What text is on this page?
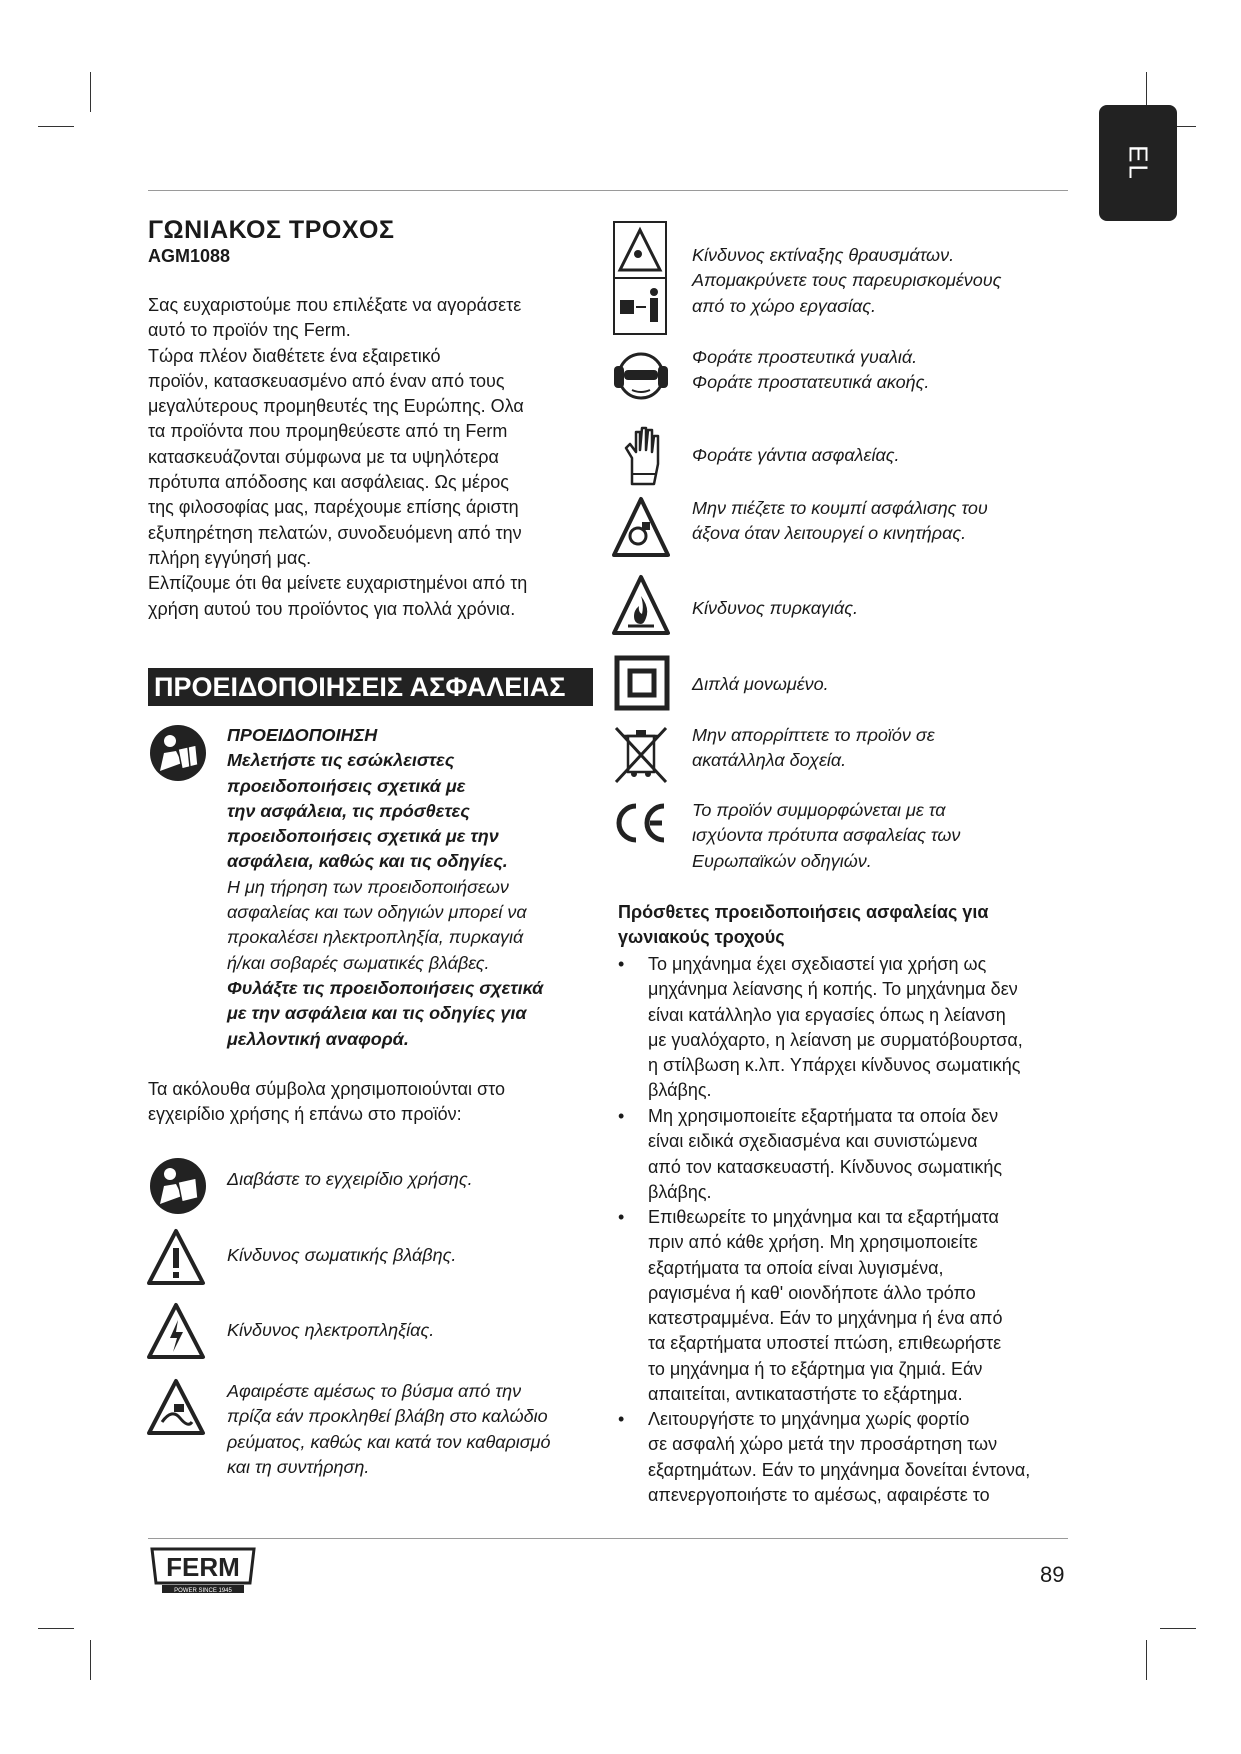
EL
ΓΩΝΙΑΚΟΣ ΤΡΟΧΟΣ
AGM1088
Σας ευχαριστούμε που επιλέξατε να αγοράσετε
αυτό το προϊόν της Ferm.
Τώρα πλέον διαθέτετε ένα εξαιρετικό
προϊόν, κατασκευασμένο από έναν από τους
μεγαλύτερους προμηθευτές της Ευρώπης. Ολα
τα προϊόντα που προμηθεύεστε από τη Ferm
κατασκευάζονται σύμφωνα με τα υψηλότερα
πρότυπα απόδοσης και ασφάλειας. Ως μέρος
της φιλοσοφίας μας, παρέχουμε επίσης άριστη
εξυπηρέτηση πελατών, συνοδευόμενη από την
πλήρη εγγύησή μας.
Ελπίζουμε ότι θα μείνετε ευχαριστημένοι από τη
χρήση αυτού του προϊόντος για πολλά χρόνια.
ΠΡΟΕΙΔΟΠΟΙΗΣΕΙΣ ΑΣΦΑΛΕΙΑΣ
ΠΡΟΕΙΔΟΠΟΙΗΣΗ
Μελετήστε τις εσώκλειστες
προειδοποιήσεις σχετικά με
την ασφάλεια, τις πρόσθετες
προειδοποιήσεις σχετικά με την
ασφάλεια, καθώς και τις οδηγίες.
Η μη τήρηση των προειδοποιήσεων
ασφαλείας και των οδηγιών μπορεί να
προκαλέσει ηλεκτροπληξία, πυρκαγιά
ή/και σοβαρές σωματικές βλάβες.
Φυλάξτε τις προειδοποιήσεις σχετικά
με την ασφάλεια και τις οδηγίες για
μελλοντική αναφορά.
Τα ακόλουθα σύμβολα χρησιμοποιούνται στο
εγχειρίδιο χρήσης ή επάνω στο προϊόν:
Διαβάστε το εγχειρίδιο χρήσης.
Κίνδυνος σωματικής βλάβης.
Κίνδυνος ηλεκτροπληξίας.
Αφαιρέστε αμέσως το βύσμα από την
πρίζα εάν προκληθεί βλάβη στο καλώδιο
ρεύματος, καθώς και κατά τον καθαρισμό
και τη συντήρηση.
Κίνδυνος εκτίναξης θραυσμάτων.
Απομακρύνετε τους παρευρισκομένους
από το χώρο εργασίας.
Φοράτε προστευτικά γυαλιά.
Φοράτε προστατευτικά ακοής.
Φοράτε γάντια ασφαλείας.
Μην πιέζετε το κουμπί ασφάλισης του
άξονα όταν λειτουργεί ο κινητήρας.
Κίνδυνος πυρκαγιάς.
Διπλά μονωμένο.
Μην απορρίπτετε το προϊόν σε
ακατάλληλα δοχεία.
Το προϊόν συμμορφώνεται με τα
ισχύοντα πρότυπα ασφαλείας των
Ευρωπαϊκών οδηγιών.
Πρόσθετες προειδοποιήσεις ασφαλείας για
γωνιακούς τροχούς
• Το μηχάνημα έχει σχεδιαστεί για χρήση ως
μηχάνημα λείανσης ή κοπής. Το μηχάνημα δεν
είναι κατάλληλο για εργασίες όπως η λείανση
με γυαλόχαρτο, η λείανση με συρματόβουρτσα,
η στίλβωση κ.λπ. Υπάρχει κίνδυνος σωματικής
βλάβης.
• Μη χρησιμοποιείτε εξαρτήματα τα οποία δεν
είναι ειδικά σχεδιασμένα και συνιστώμενα
από τον κατασκευαστή. Κίνδυνος σωματικής
βλάβης.
• Επιθεωρείτε το μηχάνημα και τα εξαρτήματα
πριν από κάθε χρήση. Μη χρησιμοποιείτε
εξαρτήματα τα οποία είναι λυγισμένα,
ραγισμένα ή καθ' οιονδήποτε άλλο τρόπο
κατεστραμμένα. Εάν το μηχάνημα ή ένα από
τα εξαρτήματα υποστεί πτώση, επιθεωρήστε
το μηχάνημα ή το εξάρτημα για ζημιά. Εάν
απαιτείται, αντικαταστήστε το εξάρτημα.
• Λειτουργήστε το μηχάνημα χωρίς φορτίο
σε ασφαλή χώρο μετά την προσάρτηση των
εξαρτημάτων. Εάν το μηχάνημα δονείται έντονα,
απενεργοποιήστε το αμέσως, αφαιρέστε το
FERM
POWER SINCE 1945
89
